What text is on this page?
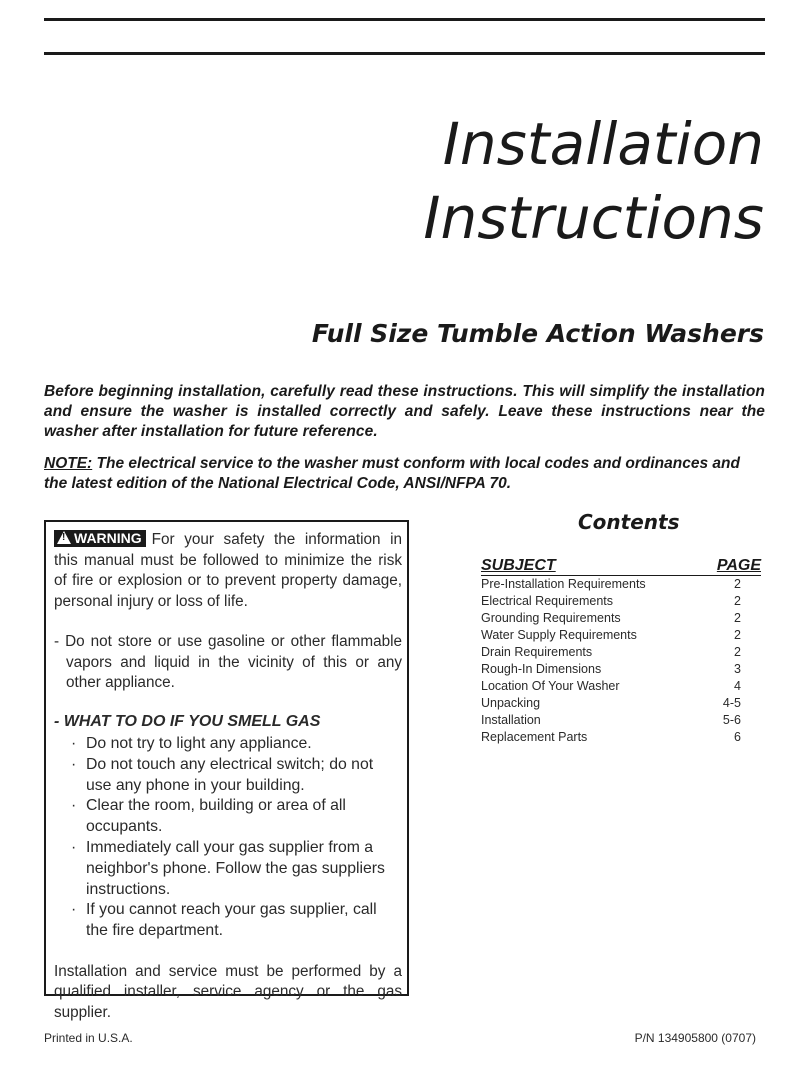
Installation
Instructions
Full Size Tumble Action Washers
Before beginning installation, carefully read these instructions. This will simplify the installation and ensure the washer is installed correctly and safely. Leave these instructions near the washer after installation for future reference.
NOTE: The electrical service to the washer must conform with local codes and ordinances and the latest edition of the National Electrical Code, ANSI/NFPA 70.

!WARNING For your safety the information in this manual must be followed to minimize the risk of fire or explosion or to prevent property damage, personal injury or loss of life.

- Do not store or use gasoline or other flammable vapors and liquid in the vicinity of this or any other appliance.

- WHAT TO DO IF YOU SMELL GAS

· Do not try to light any appliance.
· Do not touch any electrical switch; do not use any phone in your building.
· Clear the room, building or area of all occupants.
· Immediately call your gas supplier from a neighbor's phone. Follow the gas suppliers instructions.
· If you cannot reach your gas supplier, call the fire department.

Installation and service must be performed by a qualified installer, service agency or the gas supplier.

Contents
SUBJECT	PAGE
Pre-Installation Requirements	2
Electrical Requirements	2
Grounding Requirements	2
Water Supply Requirements	2
Drain Requirements	2
Rough-In Dimensions	3
Location Of Your Washer	4
Unpacking	4-5
Installation	5-6
Replacement Parts	6
Printed in U.S.A.	P/N 134905800 (0707)
